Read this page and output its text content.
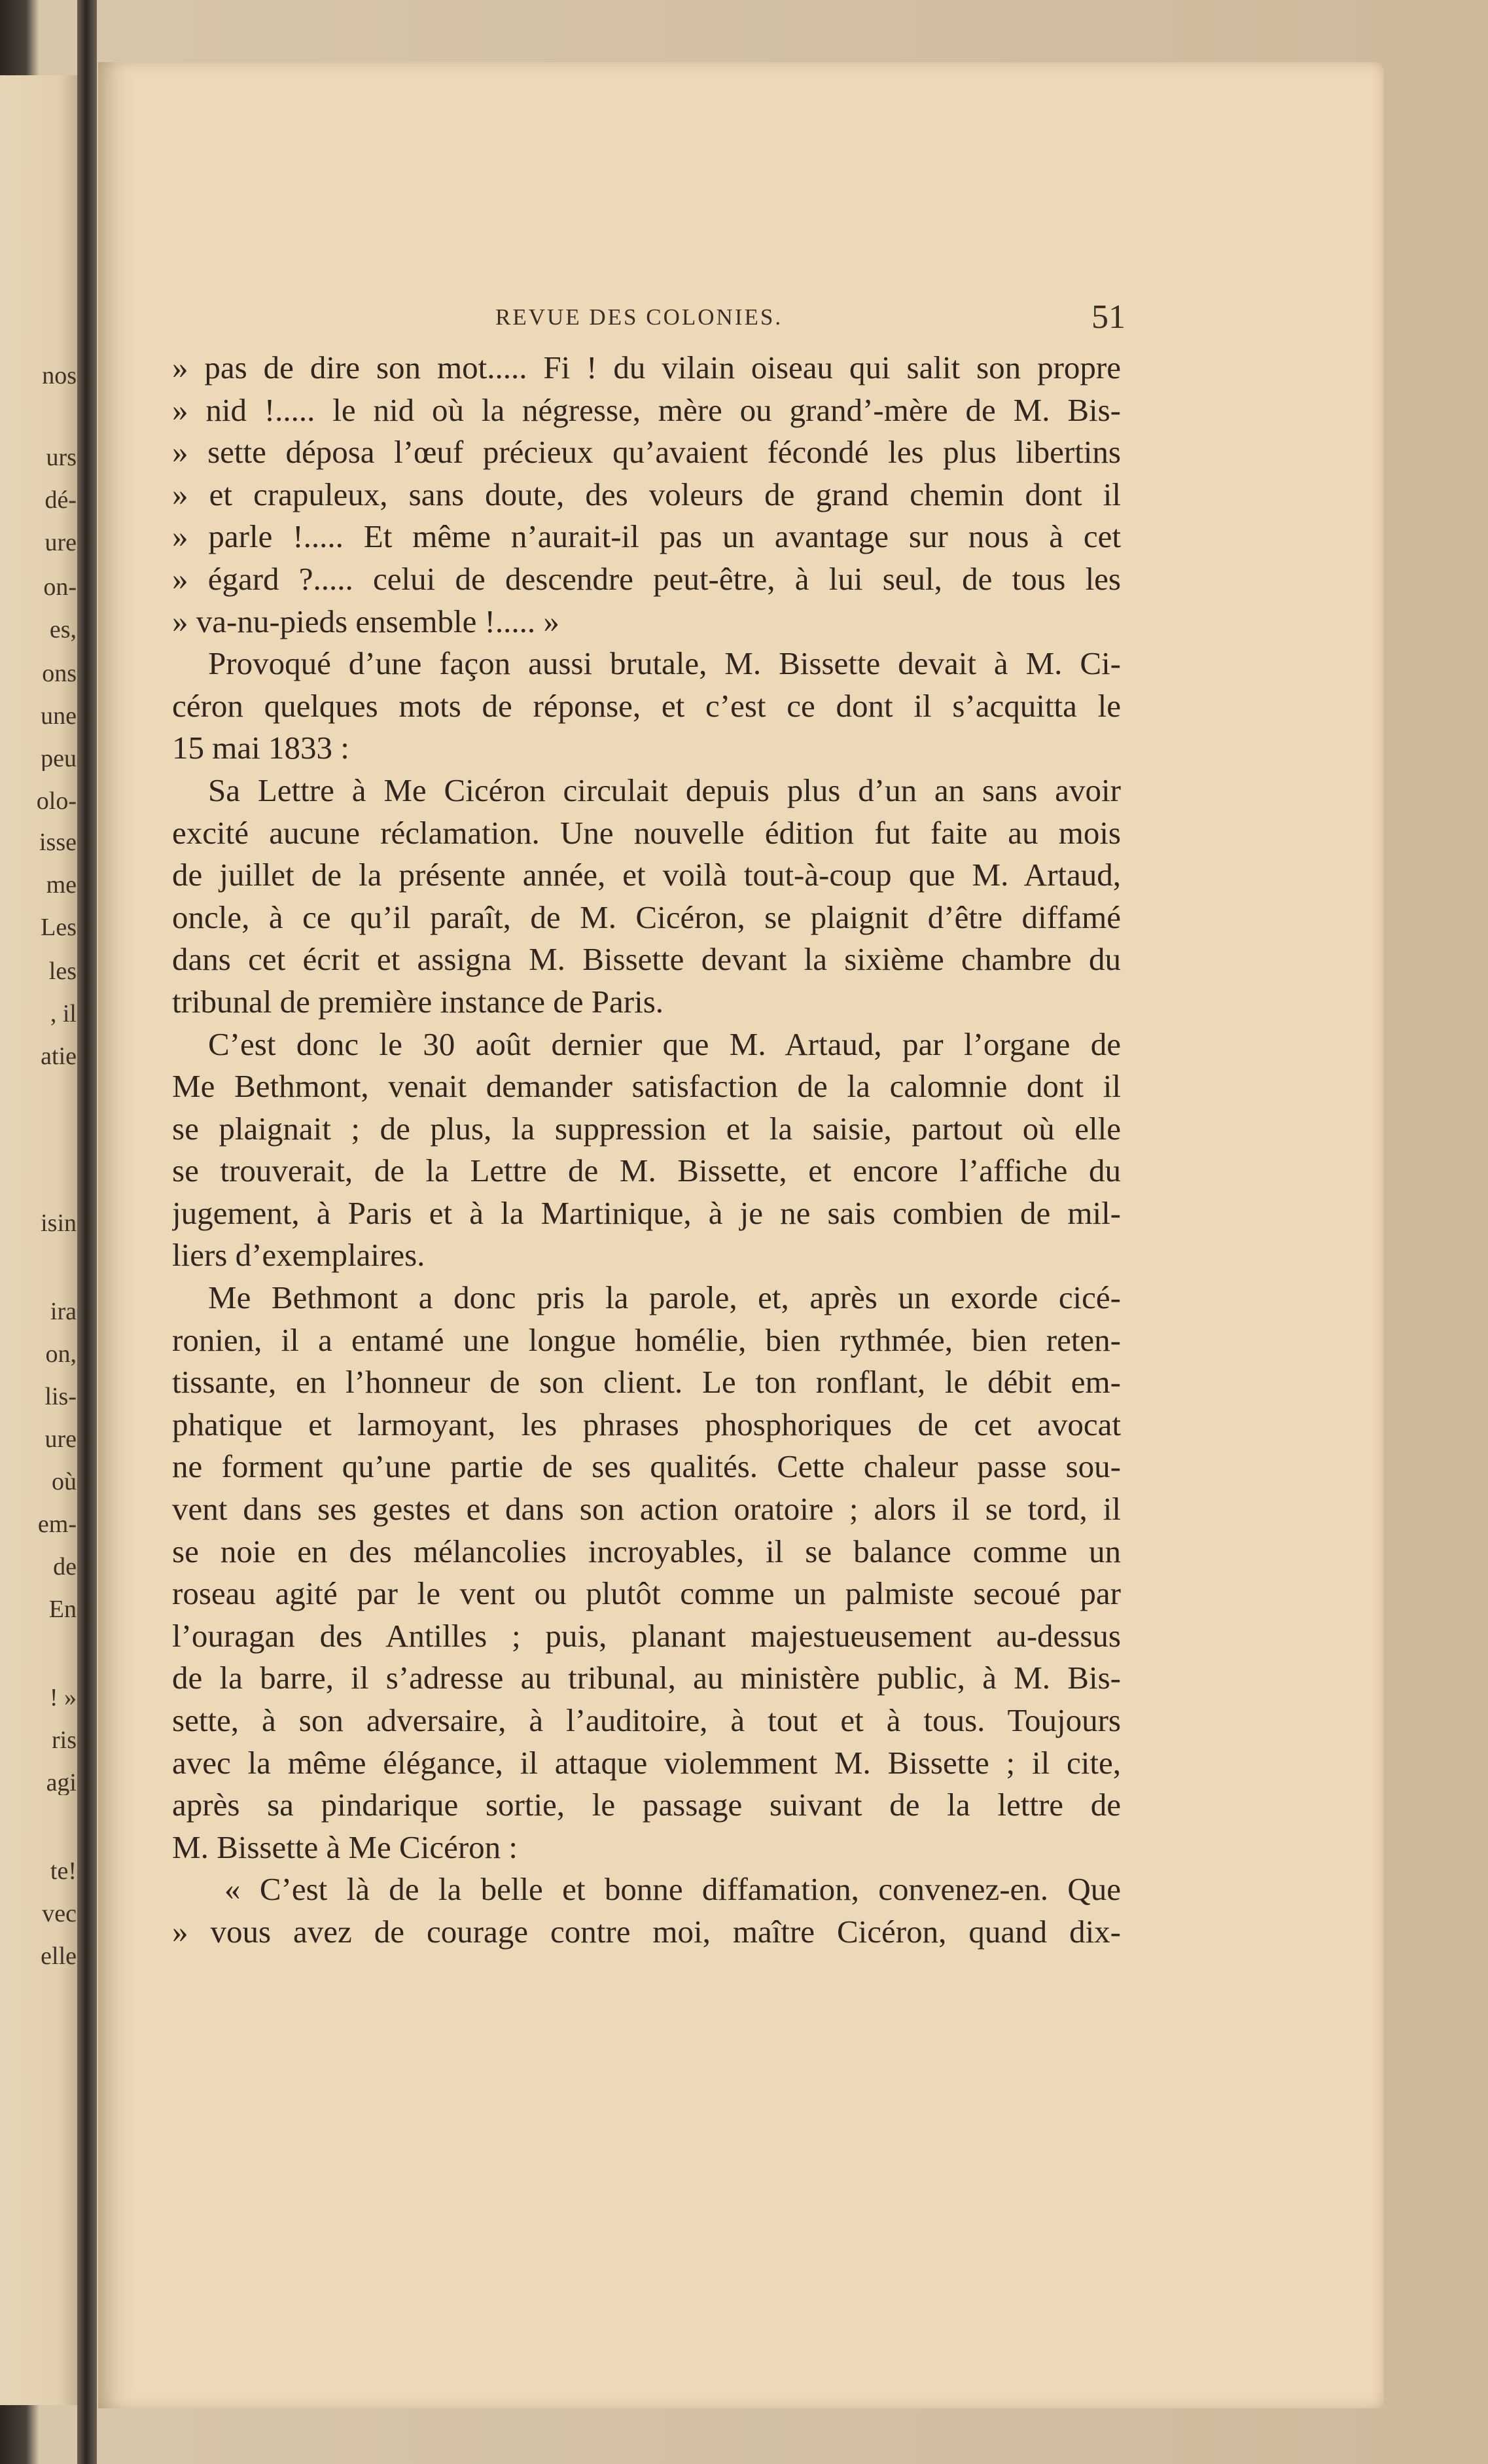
nos
urs
dé-
ure
on-
es,
ons
une
peu
olo-
isse
me
Les
les
, il
atie
isin
ira
on,
lis-
ure
où
em-
de
En
! »
ris
agi
te!
vec
elle
REVUE DES COLONIES.	51
» pas de dire son mot..... Fi ! du vilain oiseau qui salit son propre
» nid !..... le nid où la négresse, mère ou grand’-mère de M. Bis-
» sette déposa l’œuf précieux qu’avaient fécondé les plus libertins
» et crapuleux, sans doute, des voleurs de grand chemin dont il
» parle !..... Et même n’aurait-il pas un avantage sur nous à cet
» égard ?..... celui de descendre peut-être, à lui seul, de tous les
» va-nu-pieds ensemble !..... »
Provoqué d’une façon aussi brutale, M. Bissette devait à M. Ci-
céron quelques mots de réponse, et c’est ce dont il s’acquitta le
15 mai 1833 :
Sa Lettre à Me Cicéron circulait depuis plus d’un an sans avoir
excité aucune réclamation. Une nouvelle édition fut faite au mois
de juillet de la présente année, et voilà tout-à-coup que M. Artaud,
oncle, à ce qu’il paraît, de M. Cicéron, se plaignit d’être diffamé
dans cet écrit et assigna M. Bissette devant la sixième chambre du
tribunal de première instance de Paris.
C’est donc le 30 août dernier que M. Artaud, par l’organe de
Me Bethmont, venait demander satisfaction de la calomnie dont il
se plaignait ; de plus, la suppression et la saisie, partout où elle
se trouverait, de la Lettre de M. Bissette, et encore l’affiche du
jugement, à Paris et à la Martinique, à je ne sais combien de mil-
liers d’exemplaires.
Me Bethmont a donc pris la parole, et, après un exorde cicé-
ronien, il a entamé une longue homélie, bien rythmée, bien reten-
tissante, en l’honneur de son client. Le ton ronflant, le débit em-
phatique et larmoyant, les phrases phosphoriques de cet avocat
ne forment qu’une partie de ses qualités. Cette chaleur passe sou-
vent dans ses gestes et dans son action oratoire ; alors il se tord, il
se noie en des mélancolies incroyables, il se balance comme un
roseau agité par le vent ou plutôt comme un palmiste secoué par
l’ouragan des Antilles ; puis, planant majestueusement au-dessus
de la barre, il s’adresse au tribunal, au ministère public, à M. Bis-
sette, à son adversaire, à l’auditoire, à tout et à tous. Toujours
avec la même élégance, il attaque violemment M. Bissette ; il cite,
après sa pindarique sortie, le passage suivant de la lettre de
M. Bissette à Me Cicéron :
« C’est là de la belle et bonne diffamation, convenez-en. Que
» vous avez de courage contre moi, maître Cicéron, quand dix-
